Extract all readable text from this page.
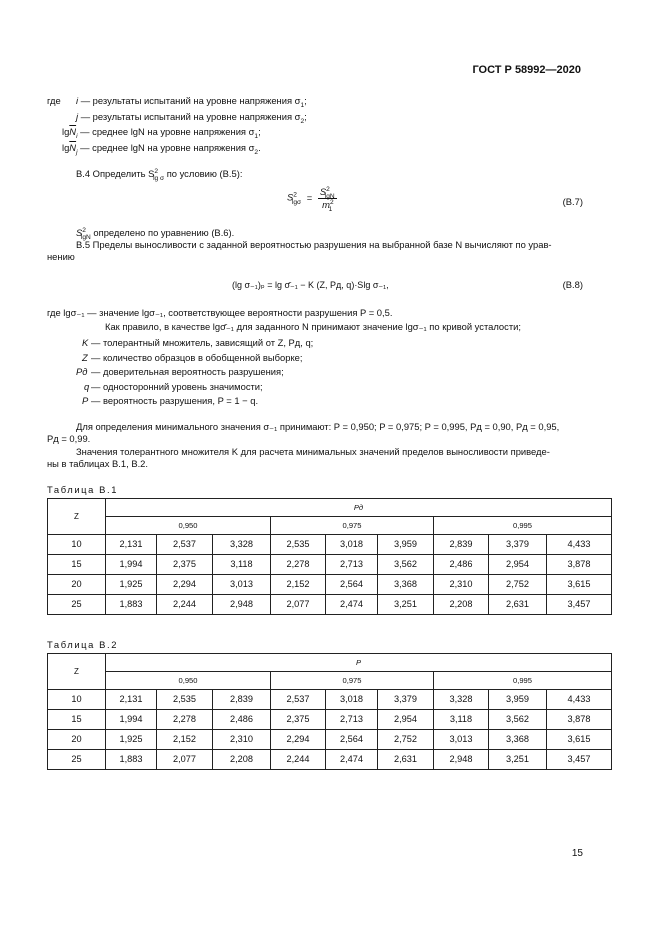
ГОСТ Р 58992—2020
где i — результаты испытаний на уровне напряжения $\sigma_1$;
j — результаты испытаний на уровне напряжения $\sigma_2$;
$\lg\overline{N}_i$ — среднее lgN на уровне напряжения $\sigma_1$;
$\lg\overline{N}_j$ — среднее lgN на уровне напряжения $\sigma_2$.
В.4 Определить $S^2_{lg \sigma}$ по условию (В.5):
$S^2_{lg\sigma} = \frac{S^2_{lgN}}{m^2_1}$	(В.7)
$S^2_{lgN}$ определено по уравнению (В.6).
В.5 Пределы выносливости с заданной вероятностью разрушения на выбранной базе N вычисляют по урав-
нению
(lg σ₋₁)ₚ = lg σ̄₋₁ − K (Z, Pд, q)·Slg σ₋₁,	(В.8)
где lgσ₋₁ — значение lgσ₋₁, соответствующее вероятности разрушения P = 0,5.
Как правило, в качестве lgσ̄₋₁ для заданного N принимают значение lgσ₋₁ по кривой усталости;
K — толерантный множитель, зависящий от Z, Pд, q;
Z — количество образцов в обобщенной выборке;
Pд — доверительная вероятность разрушения;
q — односторонний уровень значимости;
P — вероятность разрушения, P = 1 − q.
Для определения минимального значения σ₋₁ принимают: P = 0,950; P = 0,975; P = 0,995, Pд = 0,90, Pд = 0,95,
Pд = 0,99.
Значения толерантного множителя K для расчета минимальных значений пределов выносливости приведе-
ны в таблицах В.1, В.2.
Таблица В.1
Z	Pд								
	0,950			0,975			0,995		
10	2,131	2,537	3,328	2,535	3,018	3,959	2,839	3,379	4,433
15	1,994	2,375	3,118	2,278	2,713	3,562	2,486	2,954	3,878
20	1,925	2,294	3,013	2,152	2,564	3,368	2,310	2,752	3,615
25	1,883	2,244	2,948	2,077	2,474	3,251	2,208	2,631	3,457
Таблица В.2
Z	P								
	0,950			0,975			0,995		
10	2,131	2,535	2,839	2,537	3,018	3,379	3,328	3,959	4,433
15	1,994	2,278	2,486	2,375	2,713	2,954	3,118	3,562	3,878
20	1,925	2,152	2,310	2,294	2,564	2,752	3,013	3,368	3,615
25	1,883	2,077	2,208	2,244	2,474	2,631	2,948	3,251	3,457
15
